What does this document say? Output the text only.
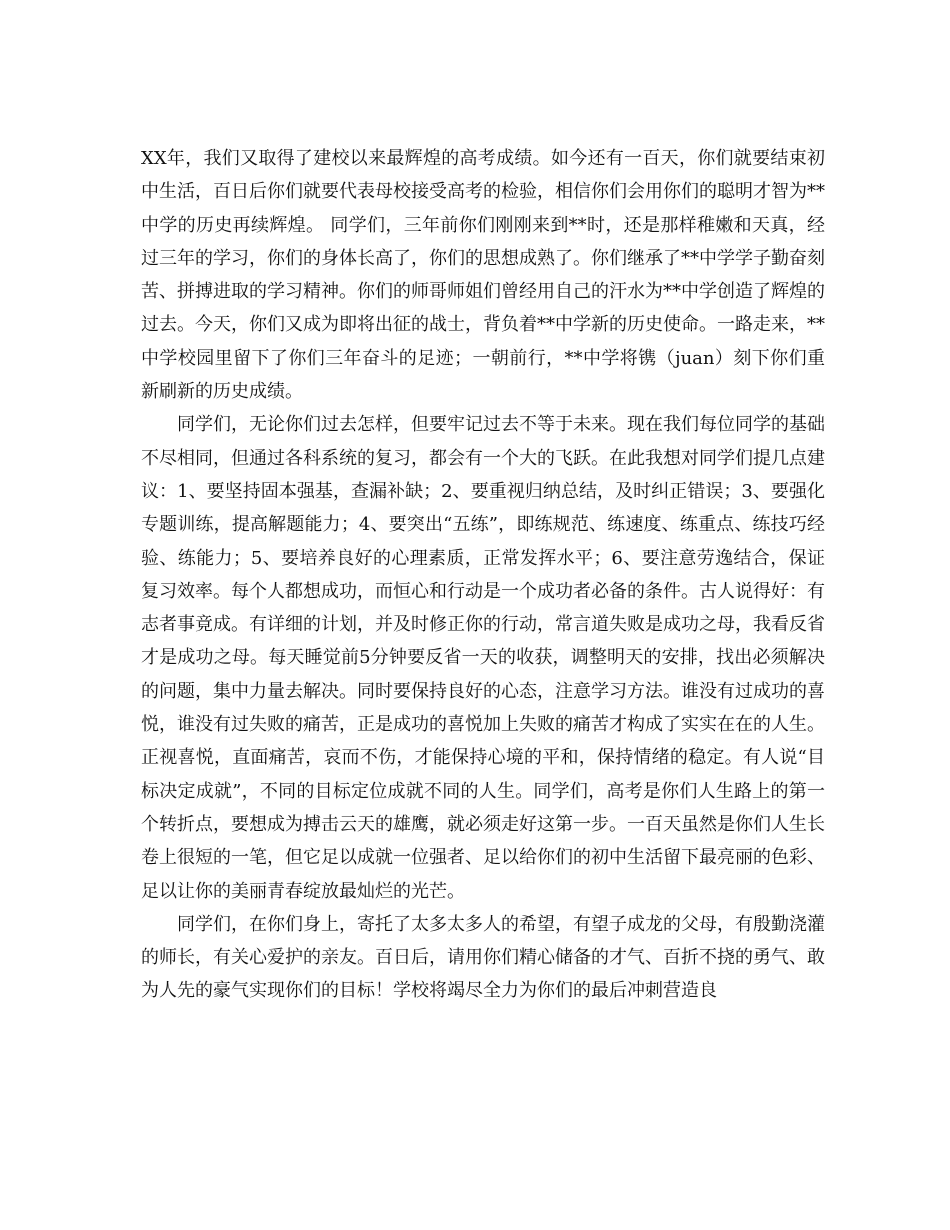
XX年，我们又取得了建校以来最辉煌的高考成绩。如今还有一百天，你们就要结束初中生活，百日后你们就要代表母校接受高考的检验，相信你们会用你们的聪明才智为**中学的历史再续辉煌。 同学们，三年前你们刚刚来到**时，还是那样稚嫩和天真，经过三年的学习，你们的身体长高了，你们的思想成熟了。你们继承了**中学学子勤奋刻苦、拼搏进取的学习精神。你们的师哥师姐们曾经用自己的汗水为**中学创造了辉煌的过去。今天，你们又成为即将出征的战士，背负着**中学新的历史使命。一路走来，**中学校园里留下了你们三年奋斗的足迹；一朝前行，**中学将镌（juan）刻下你们重新刷新的历史成绩。

同学们，无论你们过去怎样，但要牢记过去不等于未来。现在我们每位同学的基础不尽相同，但通过各科系统的复习，都会有一个大的飞跃。在此我想对同学们提几点建议：1、要坚持固本强基，查漏补缺；2、要重视归纳总结，及时纠正错误；3、要强化专题训练，提高解题能力；4、要突出“五练”，即练规范、练速度、练重点、练技巧经验、练能力；5、要培养良好的心理素质，正常发挥水平；6、要注意劳逸结合，保证复习效率。每个人都想成功，而恒心和行动是一个成功者必备的条件。古人说得好：有志者事竟成。有详细的计划，并及时修正你的行动，常言道失败是成功之母，我看反省才是成功之母。每天睡觉前5分钟要反省一天的收获，调整明天的安排，找出必须解决的问题，集中力量去解决。同时要保持良好的心态，注意学习方法。谁没有过成功的喜悦，谁没有过失败的痛苦，正是成功的喜悦加上失败的痛苦才构成了实实在在的人生。正视喜悦，直面痛苦，哀而不伤，才能保持心境的平和，保持情绪的稳定。有人说“目标决定成就”，不同的目标定位成就不同的人生。同学们，高考是你们人生路上的第一个转折点，要想成为搏击云天的雄鹰，就必须走好这第一步。一百天虽然是你们人生长卷上很短的一笔，但它足以成就一位强者、足以给你们的初中生活留下最亮丽的色彩、足以让你的美丽青春绽放最灿烂的光芒。

同学们，在你们身上，寄托了太多太多人的希望，有望子成龙的父母，有殷勤浇灌的师长，有关心爱护的亲友。百日后，请用你们精心储备的才气、百折不挠的勇气、敢为人先的豪气实现你们的目标！学校将竭尽全力为你们的最后冲刺营造良
